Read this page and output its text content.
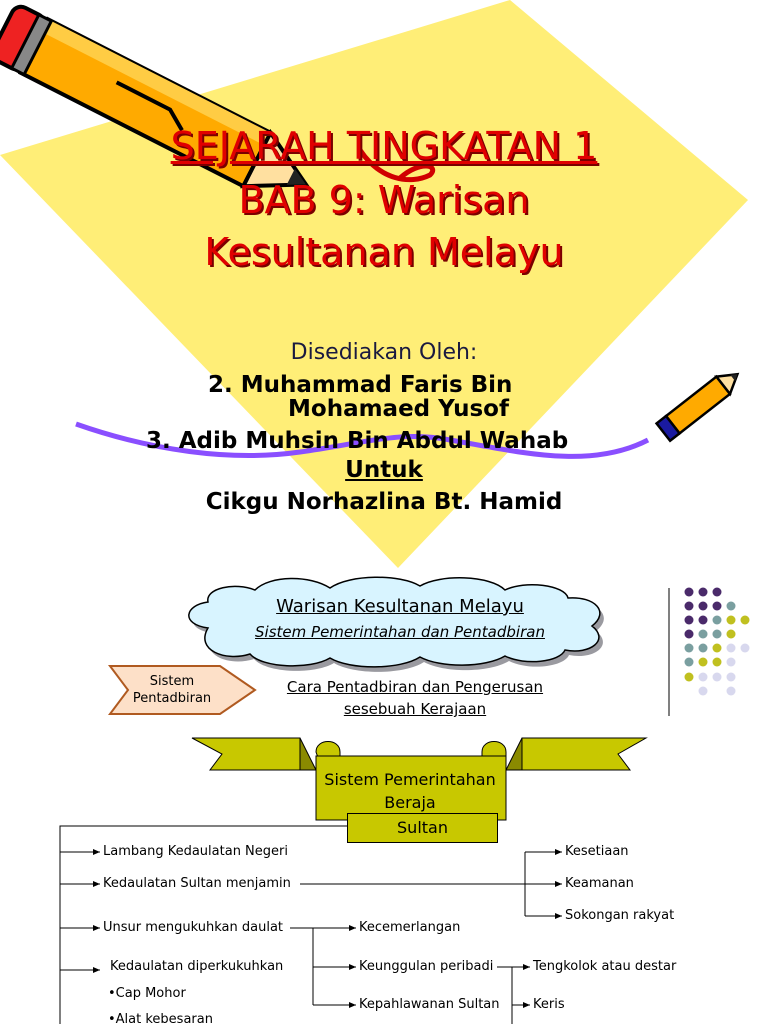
SEJARAH TINGKATAN 1
BAB 9: Warisan
Kesultanan Melayu
Disediakan Oleh:
2. Muhammad Faris Bin
Mohamaed Yusof
3. Adib Muhsin Bin Abdul Wahab
Untuk
Cikgu Norhazlina Bt. Hamid
Warisan Kesultanan Melayu
Sistem Pemerintahan dan Pentadbiran
Sistem
Pentadbiran
Cara Pentadbiran dan Pengerusan
sesebuah Kerajaan
Sistem Pemerintahan
Beraja
Sultan
Lambang Kedaulatan Negeri
Kedaulatan Sultan menjamin
Unsur mengukuhkan daulat
Kedaulatan diperkukuhkan
•Cap Mohor
•Alat kebesaran
Kesetiaan
Keamanan
Sokongan rakyat
Kecemerlangan
Keunggulan peribadi
Kepahlawanan Sultan
Tengkolok atau destar
Keris
